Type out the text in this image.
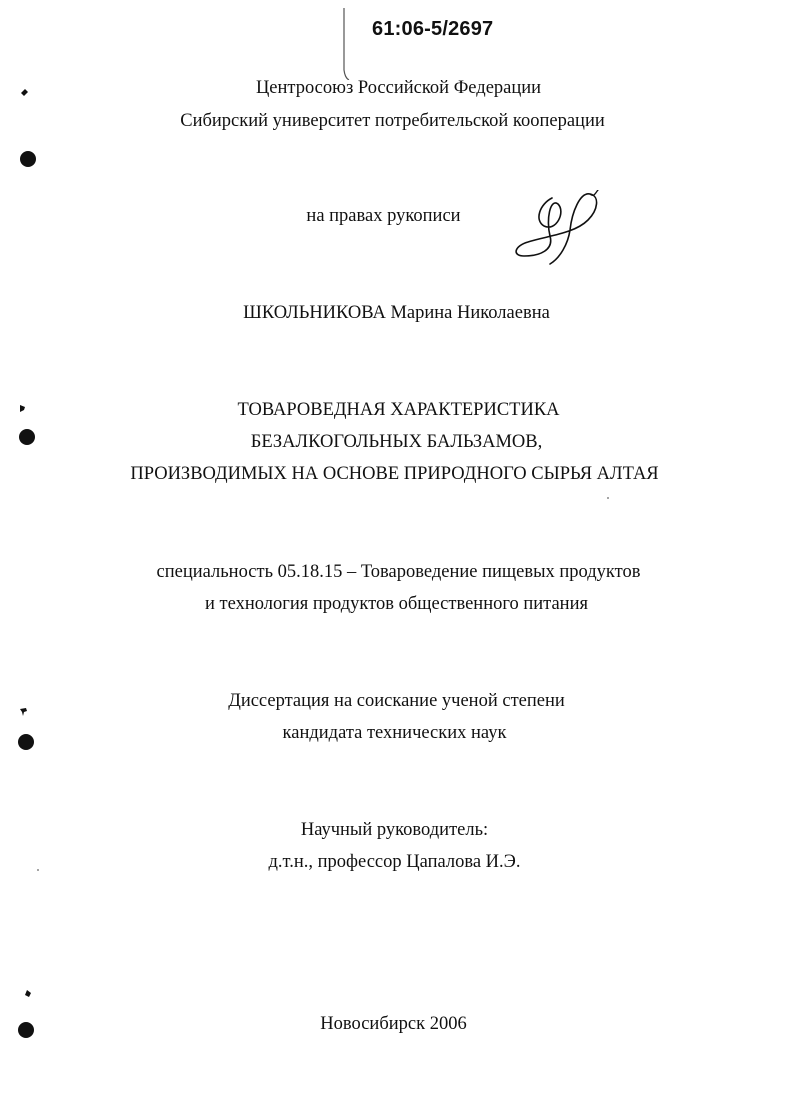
61:06-5/2697
Центросоюз Российской Федерации
Сибирский университет потребительской кооперации
на правах рукописи
ШКОЛЬНИКОВА Марина Николаевна
ТОВАРОВЕДНАЯ ХАРАКТЕРИСТИКА
БЕЗАЛКОГОЛЬНЫХ БАЛЬЗАМОВ,
ПРОИЗВОДИМЫХ НА ОСНОВЕ ПРИРОДНОГО СЫРЬЯ АЛТАЯ
специальность 05.18.15 – Товароведение пищевых продуктов
и технология продуктов общественного питания
Диссертация на соискание ученой степени
кандидата технических наук
Научный руководитель:
д.т.н., профессор Цапалова И.Э.
Новосибирск 2006
